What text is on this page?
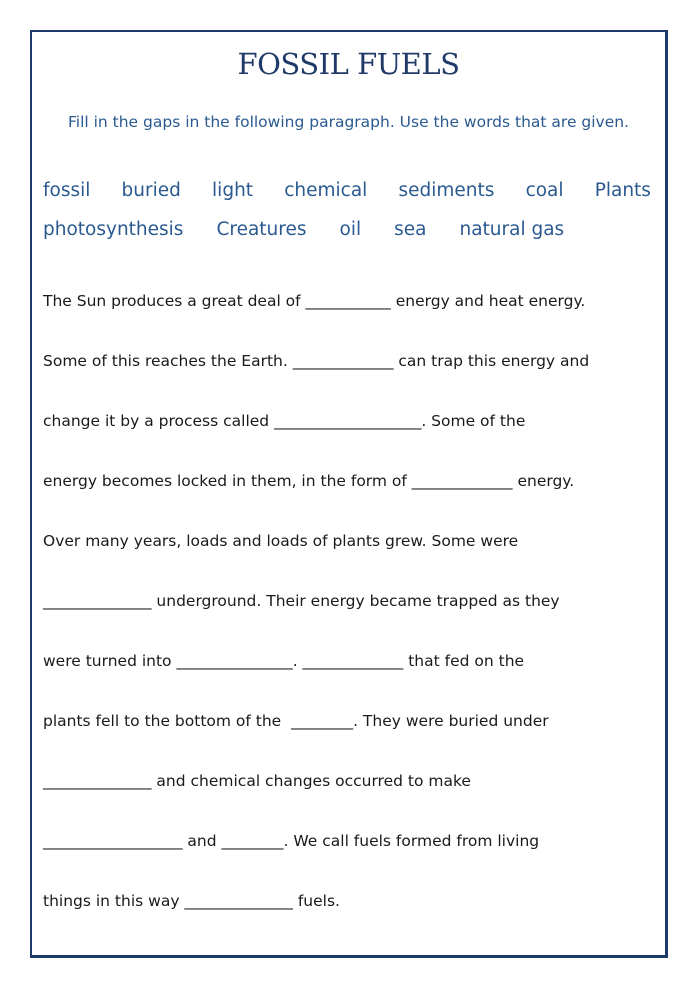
FOSSIL FUELS
Fill in the gaps in the following paragraph. Use the words that are given.
fossil buried light chemical sediments coal Plants
photosynthesis Creatures oil sea natural gas
The Sun produces a great deal of ___________ energy and heat energy.
Some of this reaches the Earth. _____________ can trap this energy and
change it by a process called ___________________. Some of the
energy becomes locked in them, in the form of _____________ energy.
Over many years, loads and loads of plants grew. Some were
______________ underground. Their energy became trapped as they
were turned into _______________. _____________ that fed on the
plants fell to the bottom of the  ________. They were buried under
______________ and chemical changes occurred to make
__________________ and ________. We call fuels formed from living
things in this way ______________ fuels.
